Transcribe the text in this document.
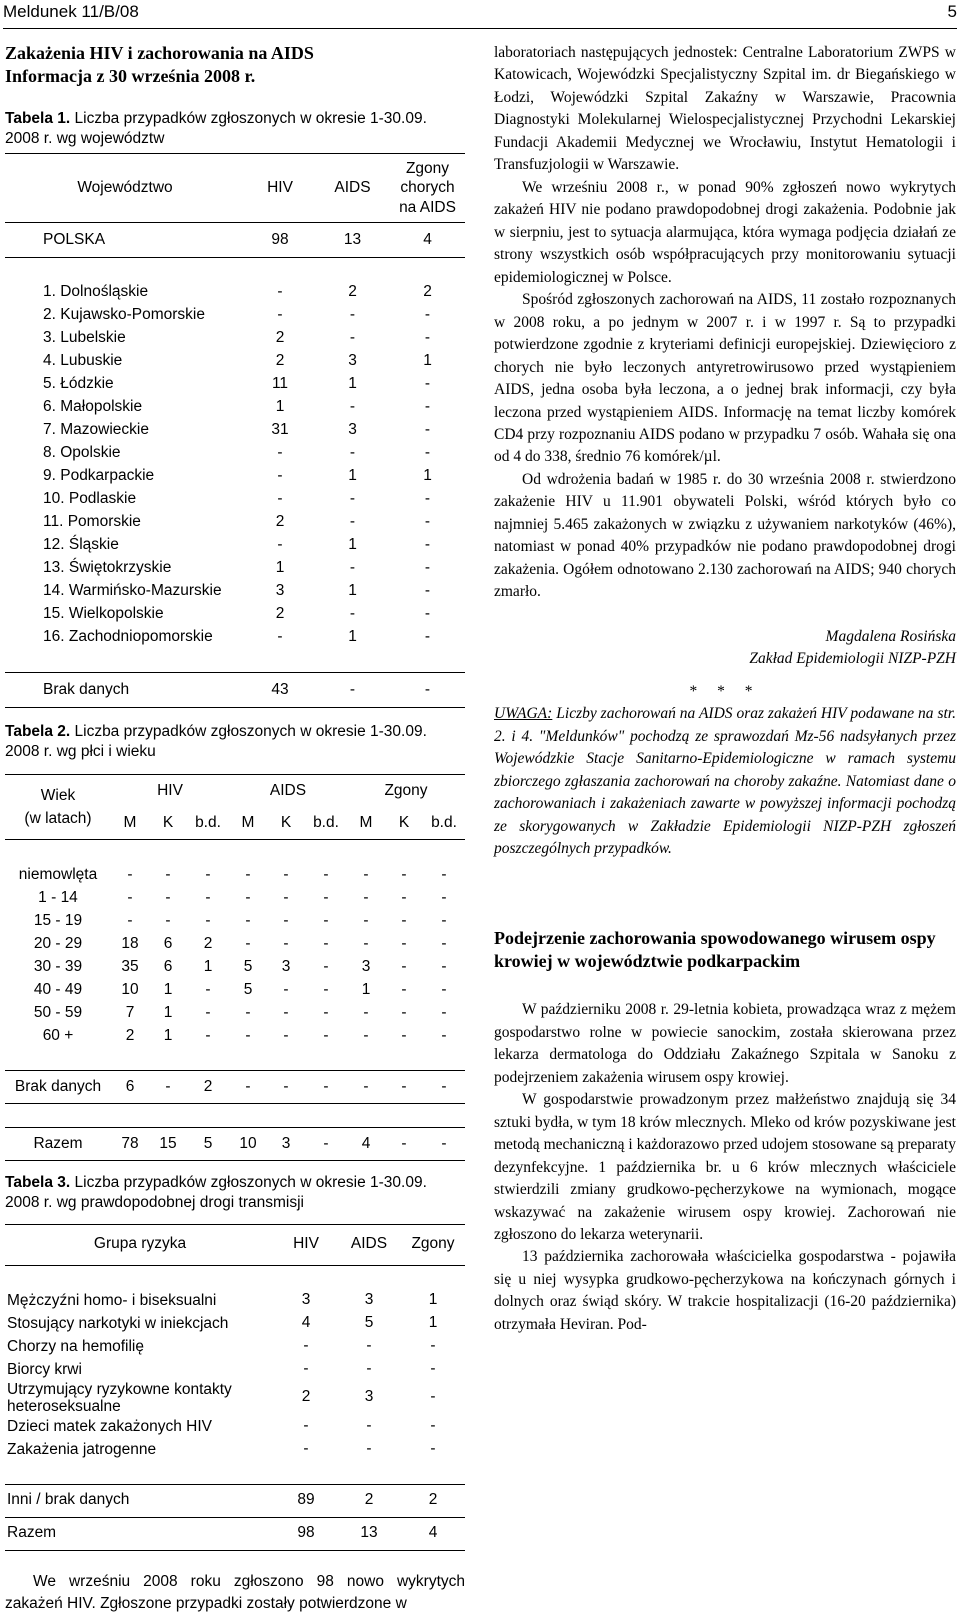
Meldunek 11/B/08	5
Zakażenia HIV i zachorowania na AIDS
Informacja z 30 września 2008 r.

Tabela 1. Liczba przypadków zgłoszonych w okresie 1-30.09. 2008 r. wg województw

Województwo	HIV	AIDS	Zgony
chorych
na AIDS
POLSKA	98	13	4

1. Dolnośląskie	-	2	2
2. Kujawsko-Pomorskie	-	-	-
3. Lubelskie	2	-	-
4. Lubuskie	2	3	1
5. Łódzkie	11	1	-
6. Małopolskie	1	-	-
7. Mazowieckie	31	3	-
8. Opolskie	-	-	-
9. Podkarpackie	-	1	1
10. Podlaskie	-	-	-
11. Pomorskie	2	-	-
12. Śląskie	-	1	-
13. Świętokrzyskie	1	-	-
14. Warmińsko-Mazurskie	3	1	-
15. Wielkopolskie	2	-	-
16. Zachodniopomorskie	-	1	-

Brak danych	43	-	-

Tabela 2. Liczba przypadków zgłoszonych w okresie 1-30.09. 2008 r. wg płci i wieku

Wiek
(w latach)	HIV			AIDS			Zgony		
	M	K	b.d.	M	K	b.d.	M	K	b.d.

niemowlęta	-	-	-	-	-	-	-	-	-
1 - 14	-	-	-	-	-	-	-	-	-
15 - 19	-	-	-	-	-	-	-	-	-
20 - 29	18	6	2	-	-	-	-	-	-
30 - 39	35	6	1	5	3	-	3	-	-
40 - 49	10	1	-	5	-	-	1	-	-
50 - 59	7	1	-	-	-	-	-	-	-
60 +	2	1	-	-	-	-	-	-	-

Brak danych	6	-	2	-	-	-	-	-	-

Razem	78	15	5	10	3	-	4	-	-

Tabela 3. Liczba przypadków zgłoszonych w okresie 1-30.09. 2008 r. wg prawdopodobnej drogi transmisji

Grupa ryzyka	HIV	AIDS	Zgony

Mężczyźni homo- i biseksualni	3	3	1
Stosujący narkotyki w iniekcjach	4	5	1
Chorzy na hemofilię	-	-	-
Biorcy krwi	-	-	-
Utrzymujący ryzykowne kontakty heteroseksualne	2	3	-
Dzieci matek zakażonych HIV	-	-	-
Zakażenia jatrogenne	-	-	-

Inni / brak danych	89	2	2
Razem	98	13	4

We wrześniu 2008 roku zgłoszono 98 nowo wykrytych zakażeń HIV. Zgłoszone przypadki zostały potwierdzone w

laboratoriach następujących jednostek: Centralne Laboratorium ZWPS w Katowicach, Wojewódzki Specjalistyczny Szpital im. dr Biegańskiego w Łodzi, Wojewódzki Szpital Zakaźny w Warszawie, Pracownia Diagnostyki Molekularnej Wielospecjalistycznej Przychodni Lekarskiej Fundacji Akademii Medycznej we Wrocławiu, Instytut Hematologii i Transfuzjologii w Warszawie.

We wrześniu 2008 r., w ponad 90% zgłoszeń nowo wykrytych zakażeń HIV nie podano prawdopodobnej drogi zakażenia. Podobnie jak w sierpniu, jest to sytuacja alarmująca, która wymaga podjęcia działań ze strony wszystkich osób współpracujących przy monitorowaniu sytuacji epidemiologicznej w Polsce.

Spośród zgłoszonych zachorowań na AIDS, 11 zostało rozpoznanych w 2008 roku, a po jednym w 2007 r. i w 1997 r. Są to przypadki potwierdzone zgodnie z kryteriami definicji europejskiej. Dziewięcioro z chorych nie było leczonych antyretrowirusowo przed wystąpieniem AIDS, jedna osoba była leczona, a o jednej brak informacji, czy była leczona przed wystąpieniem AIDS. Informację na temat liczby komórek CD4 przy rozpoznaniu AIDS podano w przypadku 7 osób. Wahała się ona od 4 do 338, średnio 76 komórek/µl.

Od wdrożenia badań w 1985 r. do 30 września 2008 r. stwierdzono zakażenie HIV u 11.901 obywateli Polski, wśród których było co najmniej 5.465 zakażonych w związku z używaniem narkotyków (46%), natomiast w ponad 40% przypadków nie podano prawdopodobnej drogi zakażenia. Ogółem odnotowano 2.130 zachorowań na AIDS; 940 chorych zmarło.

Magdalena Rosińska
Zakład Epidemiologii NIZP-PZH
* * *

UWAGA: Liczby zachorowań na AIDS oraz zakażeń HIV podawane na str. 2. i 4. "Meldunków" pochodzą ze sprawozdań Mz-56 nadsyłanych przez Wojewódzkie Stacje Sanitarno-Epidemiologiczne w ramach systemu zbiorczego zgłaszania zachorowań na choroby zakaźne. Natomiast dane o zachorowaniach i zakażeniach zawarte w powyższej informacji pochodzą ze skorygowanych w Zakładzie Epidemiologii NIZP-PZH zgłoszeń poszczególnych przypadków.

Podejrzenie zachorowania spowodowanego wirusem ospy krowiej w województwie podkarpackim

W październiku 2008 r. 29-letnia kobieta, prowadząca wraz z mężem gospodarstwo rolne w powiecie sanockim, została skierowana przez lekarza dermatologa do Oddziału Zakaźnego Szpitala w Sanoku z podejrzeniem zakażenia wirusem ospy krowiej.

W gospodarstwie prowadzonym przez małżeństwo znajdują się 34 sztuki bydła, w tym 18 krów mlecznych. Mleko od krów pozyskiwane jest metodą mechaniczną i każdorazowo przed udojem stosowane są preparaty dezynfekcyjne. 1 października br. u 6 krów mlecznych właściciele stwierdzili zmiany grudkowo-pęcherzykowe na wymionach, mogące wskazywać na zakażenie wirusem ospy krowiej. Zachorowań nie zgłoszono do lekarza weterynarii.

13 października zachorowała właścicielka gospodarstwa - pojawiła się u niej wysypka grudkowo-pęcherzykowa na kończynach górnych i dolnych oraz świąd skóry. W trakcie hospitalizacji (16-20 października) otrzymała Heviran. Pod-
